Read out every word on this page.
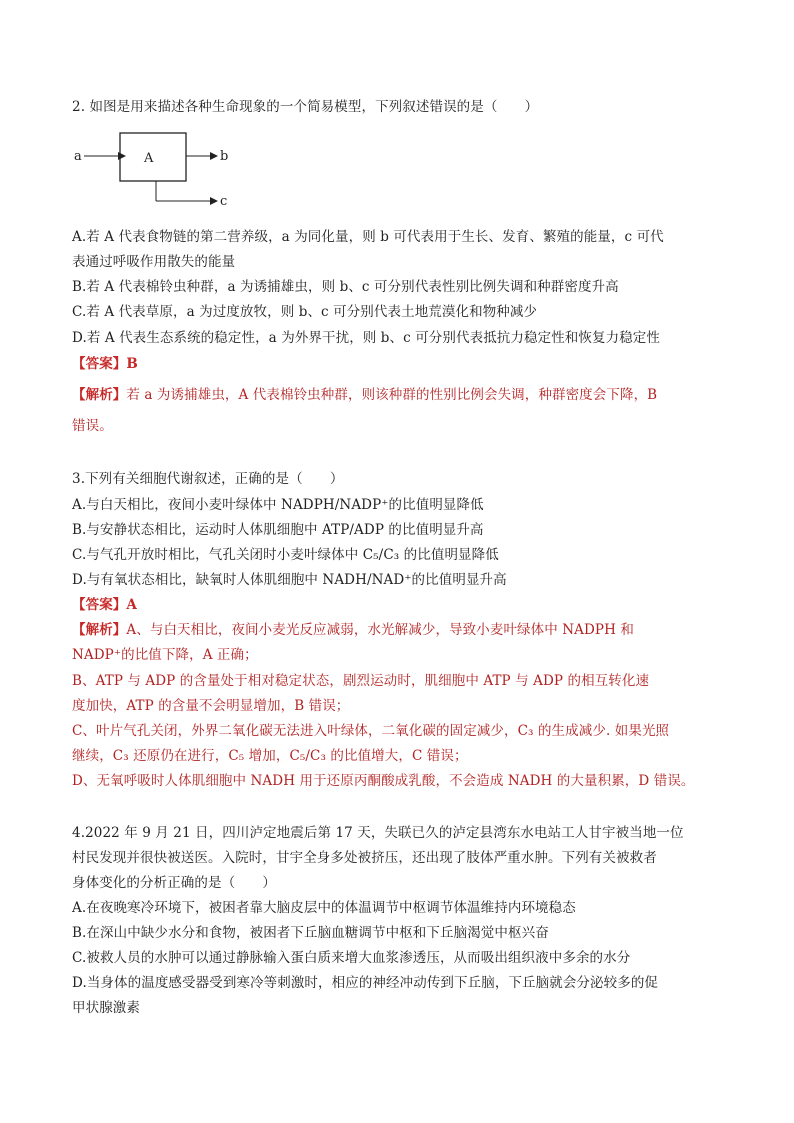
2. 如图是用来描述各种生命现象的一个简易模型，下列叙述错误的是（　　）
a	A	b
c
A.若 A 代表食物链的第二营养级，a 为同化量，则 b 可代表用于生长、发育、繁殖的能量，c 可代
表通过呼吸作用散失的能量
B.若 A 代表棉铃虫种群，a 为诱捕雄虫，则 b、c 可分别代表性别比例失调和种群密度升高
C.若 A 代表草原，a 为过度放牧，则 b、c 可分别代表土地荒漠化和物种减少
D.若 A 代表生态系统的稳定性，a 为外界干扰，则 b、c 可分别代表抵抗力稳定性和恢复力稳定性
【答案】B
【解析】若 a 为诱捕雄虫，A 代表棉铃虫种群，则该种群的性别比例会失调，种群密度会下降，B
错误。
3.下列有关细胞代谢叙述，正确的是（　　）
A.与白天相比，夜间小麦叶绿体中 NADPH/NADP⁺的比值明显降低
B.与安静状态相比，运动时人体肌细胞中 ATP/ADP 的比值明显升高
C.与气孔开放时相比，气孔关闭时小麦叶绿体中 C₅/C₃ 的比值明显降低
D.与有氧状态相比，缺氧时人体肌细胞中 NADH/NAD⁺的比值明显升高
【答案】A
【解析】A、与白天相比，夜间小麦光反应减弱，水光解减少，导致小麦叶绿体中 NADPH 和
NADP⁺的比值下降，A 正确；
B、ATP 与 ADP 的含量处于相对稳定状态，剧烈运动时，肌细胞中 ATP 与 ADP 的相互转化速
度加快，ATP 的含量不会明显增加，B 错误；
C、叶片气孔关闭，外界二氧化碳无法进入叶绿体，二氧化碳的固定减少，C₃ 的生成减少. 如果光照
继续，C₃ 还原仍在进行，C₅ 增加，C₅/C₃ 的比值增大，C 错误；
D、无氧呼吸时人体肌细胞中 NADH 用于还原丙酮酸成乳酸，不会造成 NADH 的大量积累，D 错误。
4.2022 年 9 月 21 日，四川泸定地震后第 17 天，失联已久的泸定县湾东水电站工人甘宇被当地一位
村民发现并很快被送医。入院时，甘宇全身多处被挤压，还出现了肢体严重水肿。下列有关被救者
身体变化的分析正确的是（　　）
A.在夜晚寒冷环境下，被困者靠大脑皮层中的体温调节中枢调节体温维持内环境稳态
B.在深山中缺少水分和食物，被困者下丘脑血糖调节中枢和下丘脑渴觉中枢兴奋
C.被救人员的水肿可以通过静脉输入蛋白质来增大血浆渗透压，从而吸出组织液中多余的水分
D.当身体的温度感受器受到寒冷等刺激时，相应的神经冲动传到下丘脑，下丘脑就会分泌较多的促
甲状腺激素
